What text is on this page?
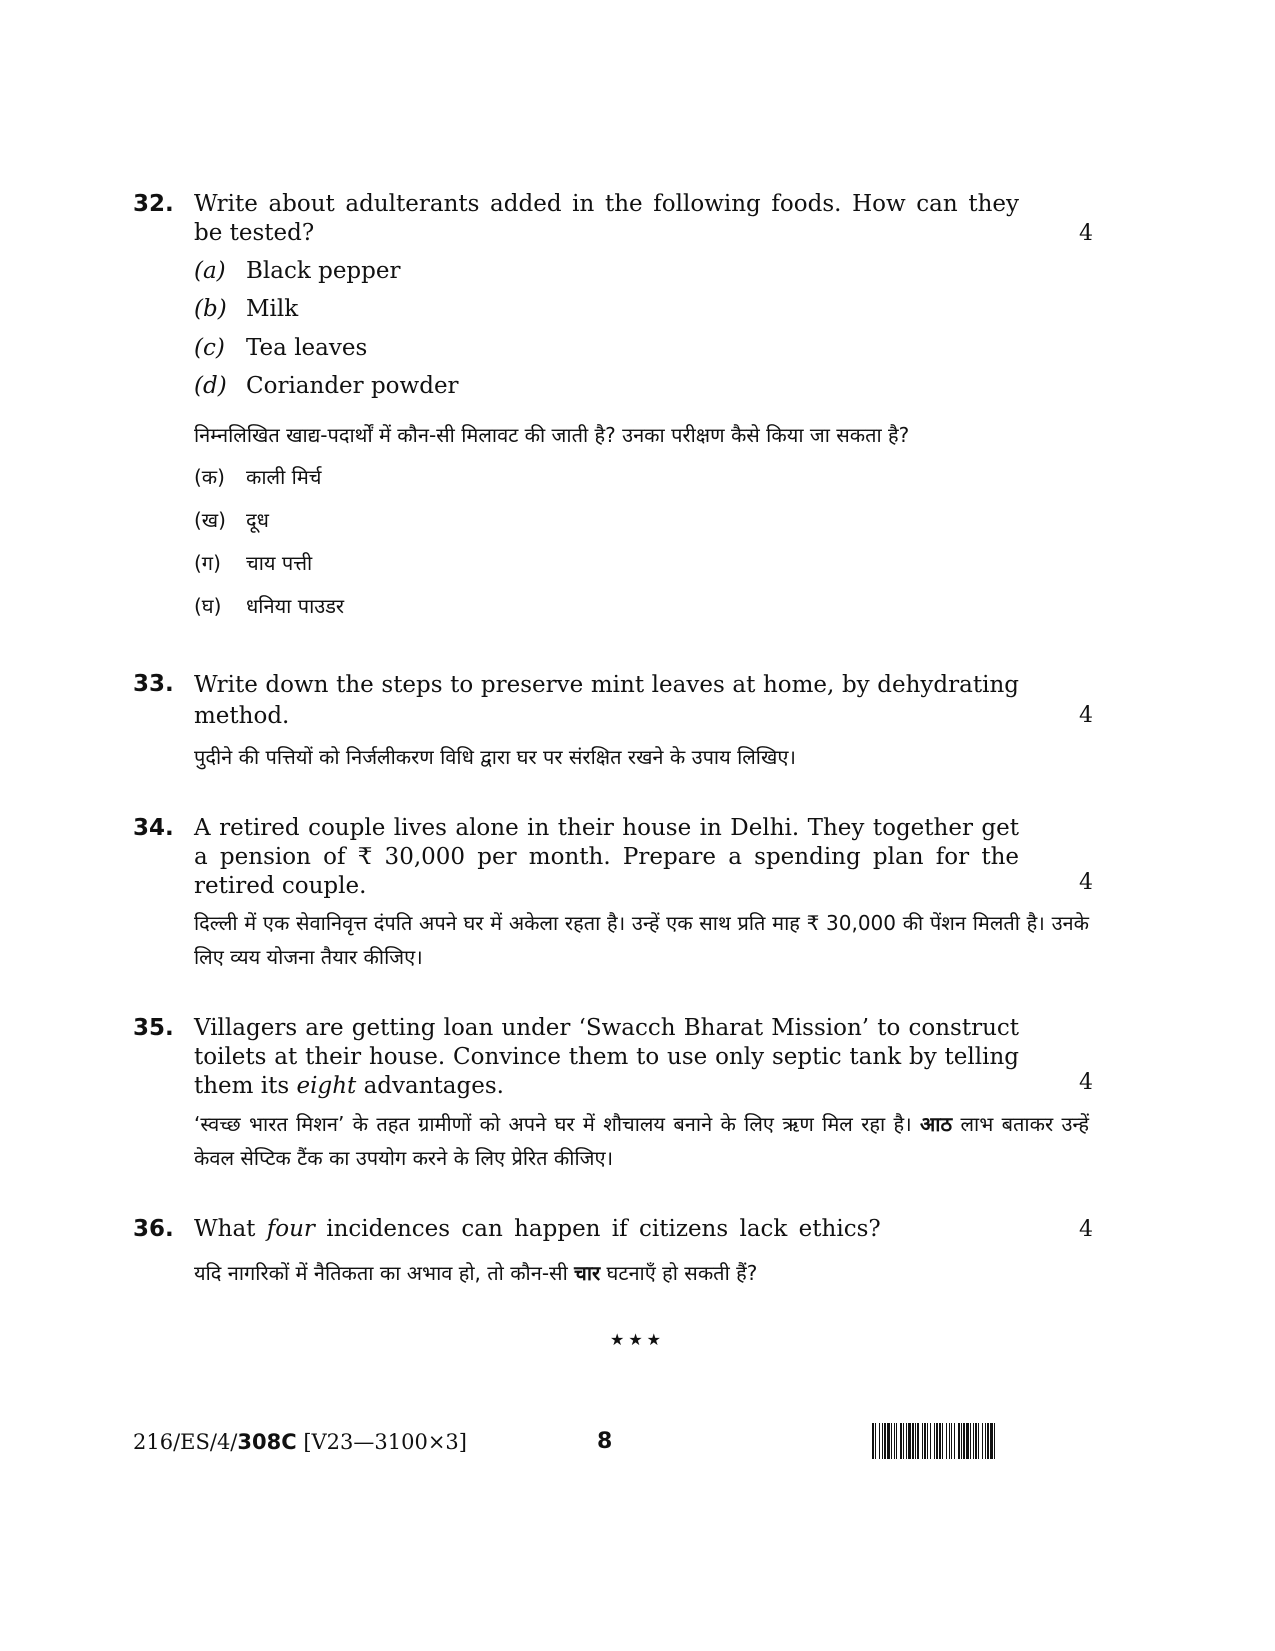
32. Write about adulterants added in the following foods. How can they be tested?	4
(a) Black pepper
(b) Milk
(c) Tea leaves
(d) Coriander powder
निम्नलिखित खाद्य-पदार्थों में कौन-सी मिलावट की जाती है? उनका परीक्षण कैसे किया जा सकता है?
(क) काली मिर्च
(ख) दूध
(ग) चाय पत्ती
(घ) धनिया पाउडर
33. Write down the steps to preserve mint leaves at home, by dehydrating method.	4
पुदीने की पत्तियों को निर्जलीकरण विधि द्वारा घर पर संरक्षित रखने के उपाय लिखिए।
34. A retired couple lives alone in their house in Delhi. They together get a pension of ₹ 30,000 per month. Prepare a spending plan for the retired couple.	4
दिल्ली में एक सेवानिवृत्त दंपति अपने घर में अकेला रहता है। उन्हें एक साथ प्रति माह ₹ 30,000 की पेंशन मिलती है। उनके लिए व्यय योजना तैयार कीजिए।
35. Villagers are getting loan under ‘Swacch Bharat Mission’ to construct toilets at their house. Convince them to use only septic tank by telling them its eight advantages.	4
‘स्वच्छ भारत मिशन’ के तहत ग्रामीणों को अपने घर में शौचालय बनाने के लिए ऋण मिल रहा है। आठ लाभ बताकर उन्हें केवल सेप्टिक टैंक का उपयोग करने के लिए प्रेरित कीजिए।
36. What four incidences can happen if citizens lack ethics?	4
यदि नागरिकों में नैतिकता का अभाव हो, तो कौन-सी चार घटनाएँ हो सकती हैं?
★★★
216/ES/4/308C [V23—3100×3]	8
